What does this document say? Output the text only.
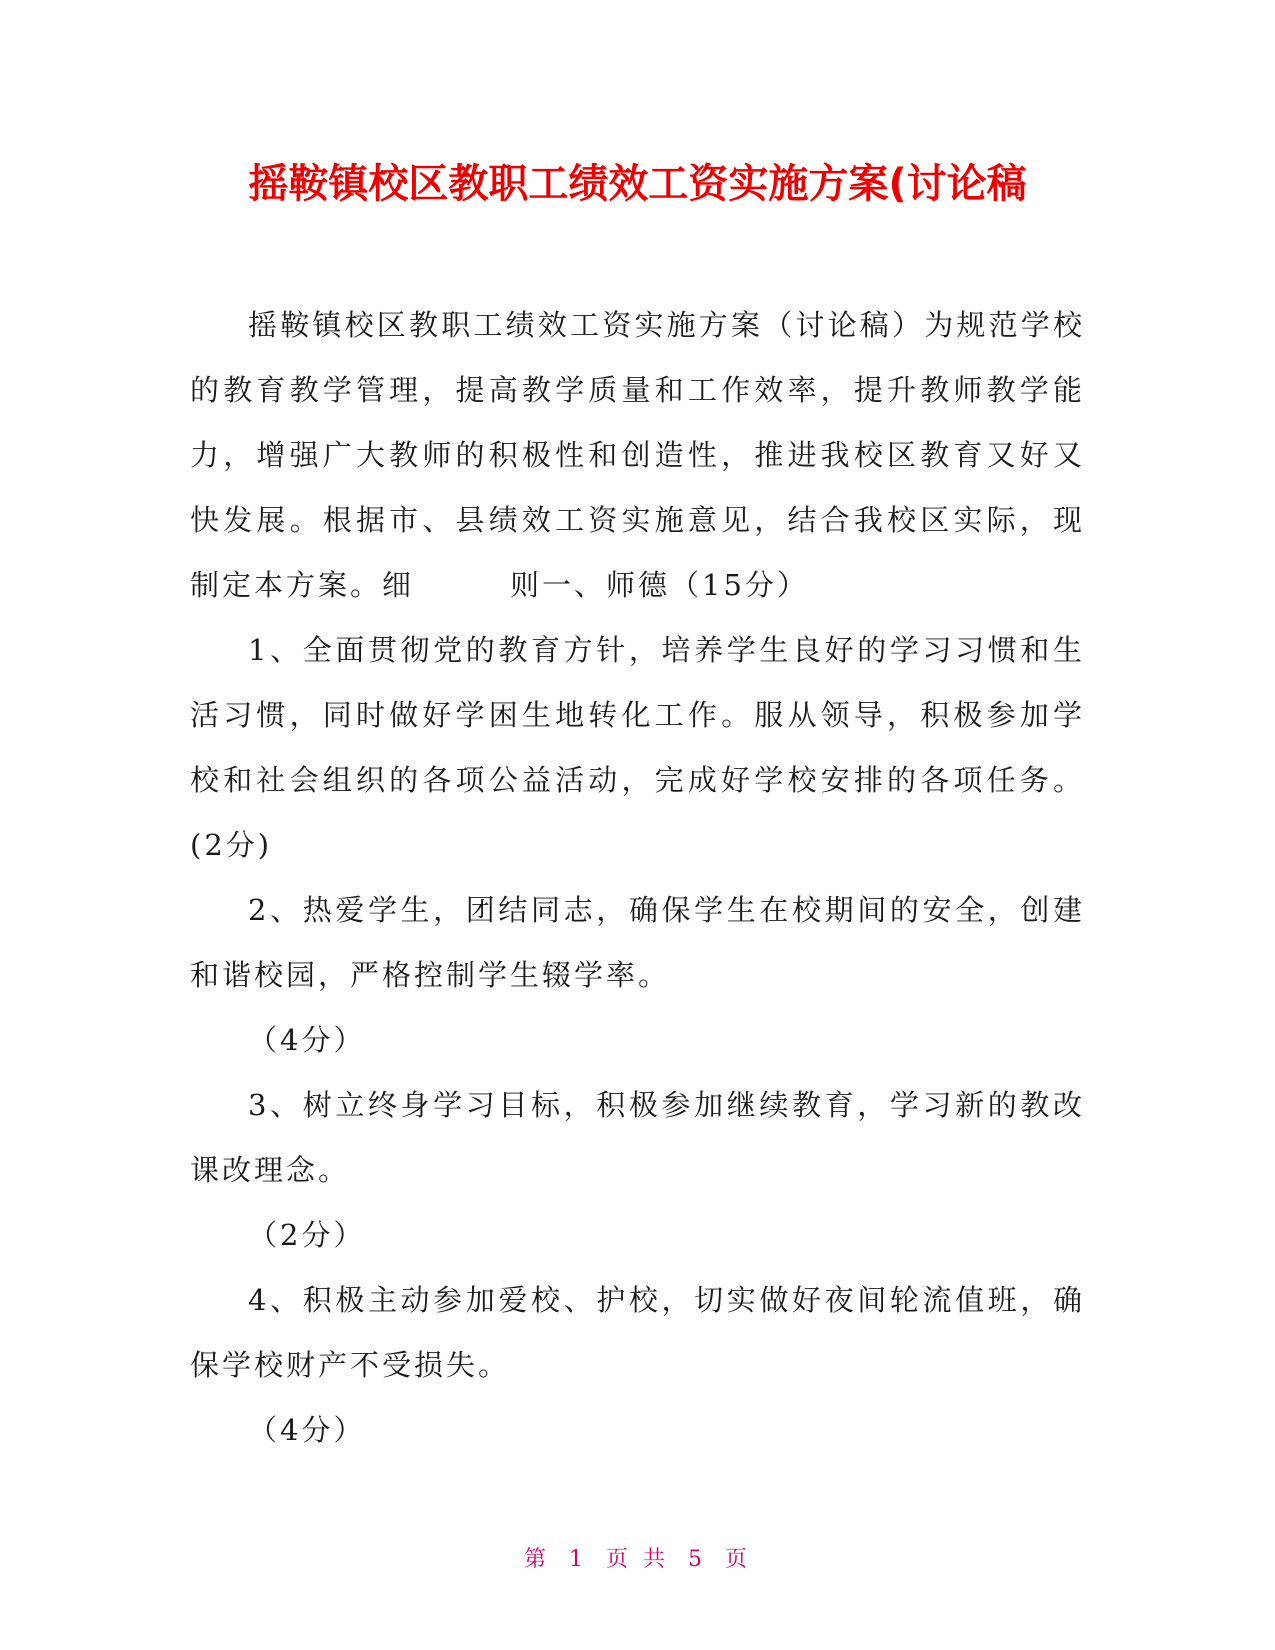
摇鞍镇校区教职工绩效工资实施方案(讨论稿

摇鞍镇校区教职工绩效工资实施方案（讨论稿）为规范学校的教育教学管理，提高教学质量和工作效率，提升教师教学能力，增强广大教师的积极性和创造性，推进我校区教育又好又快发展。根据市、县绩效工资实施意见，结合我校区实际，现制定本方案。细　　　则一、师德（15分）

1、全面贯彻党的教育方针，培养学生良好的学习习惯和生活习惯，同时做好学困生地转化工作。服从领导，积极参加学校和社会组织的各项公益活动，完成好学校安排的各项任务。(2分)

2、热爱学生，团结同志，确保学生在校期间的安全，创建和谐校园，严格控制学生辍学率。

（4分）

3、树立终身学习目标，积极参加继续教育，学习新的教改课改理念。

（2分）

4、积极主动参加爱校、护校，切实做好夜间轮流值班，确保学校财产不受损失。

（4分）

第 1 页 共 5 页
